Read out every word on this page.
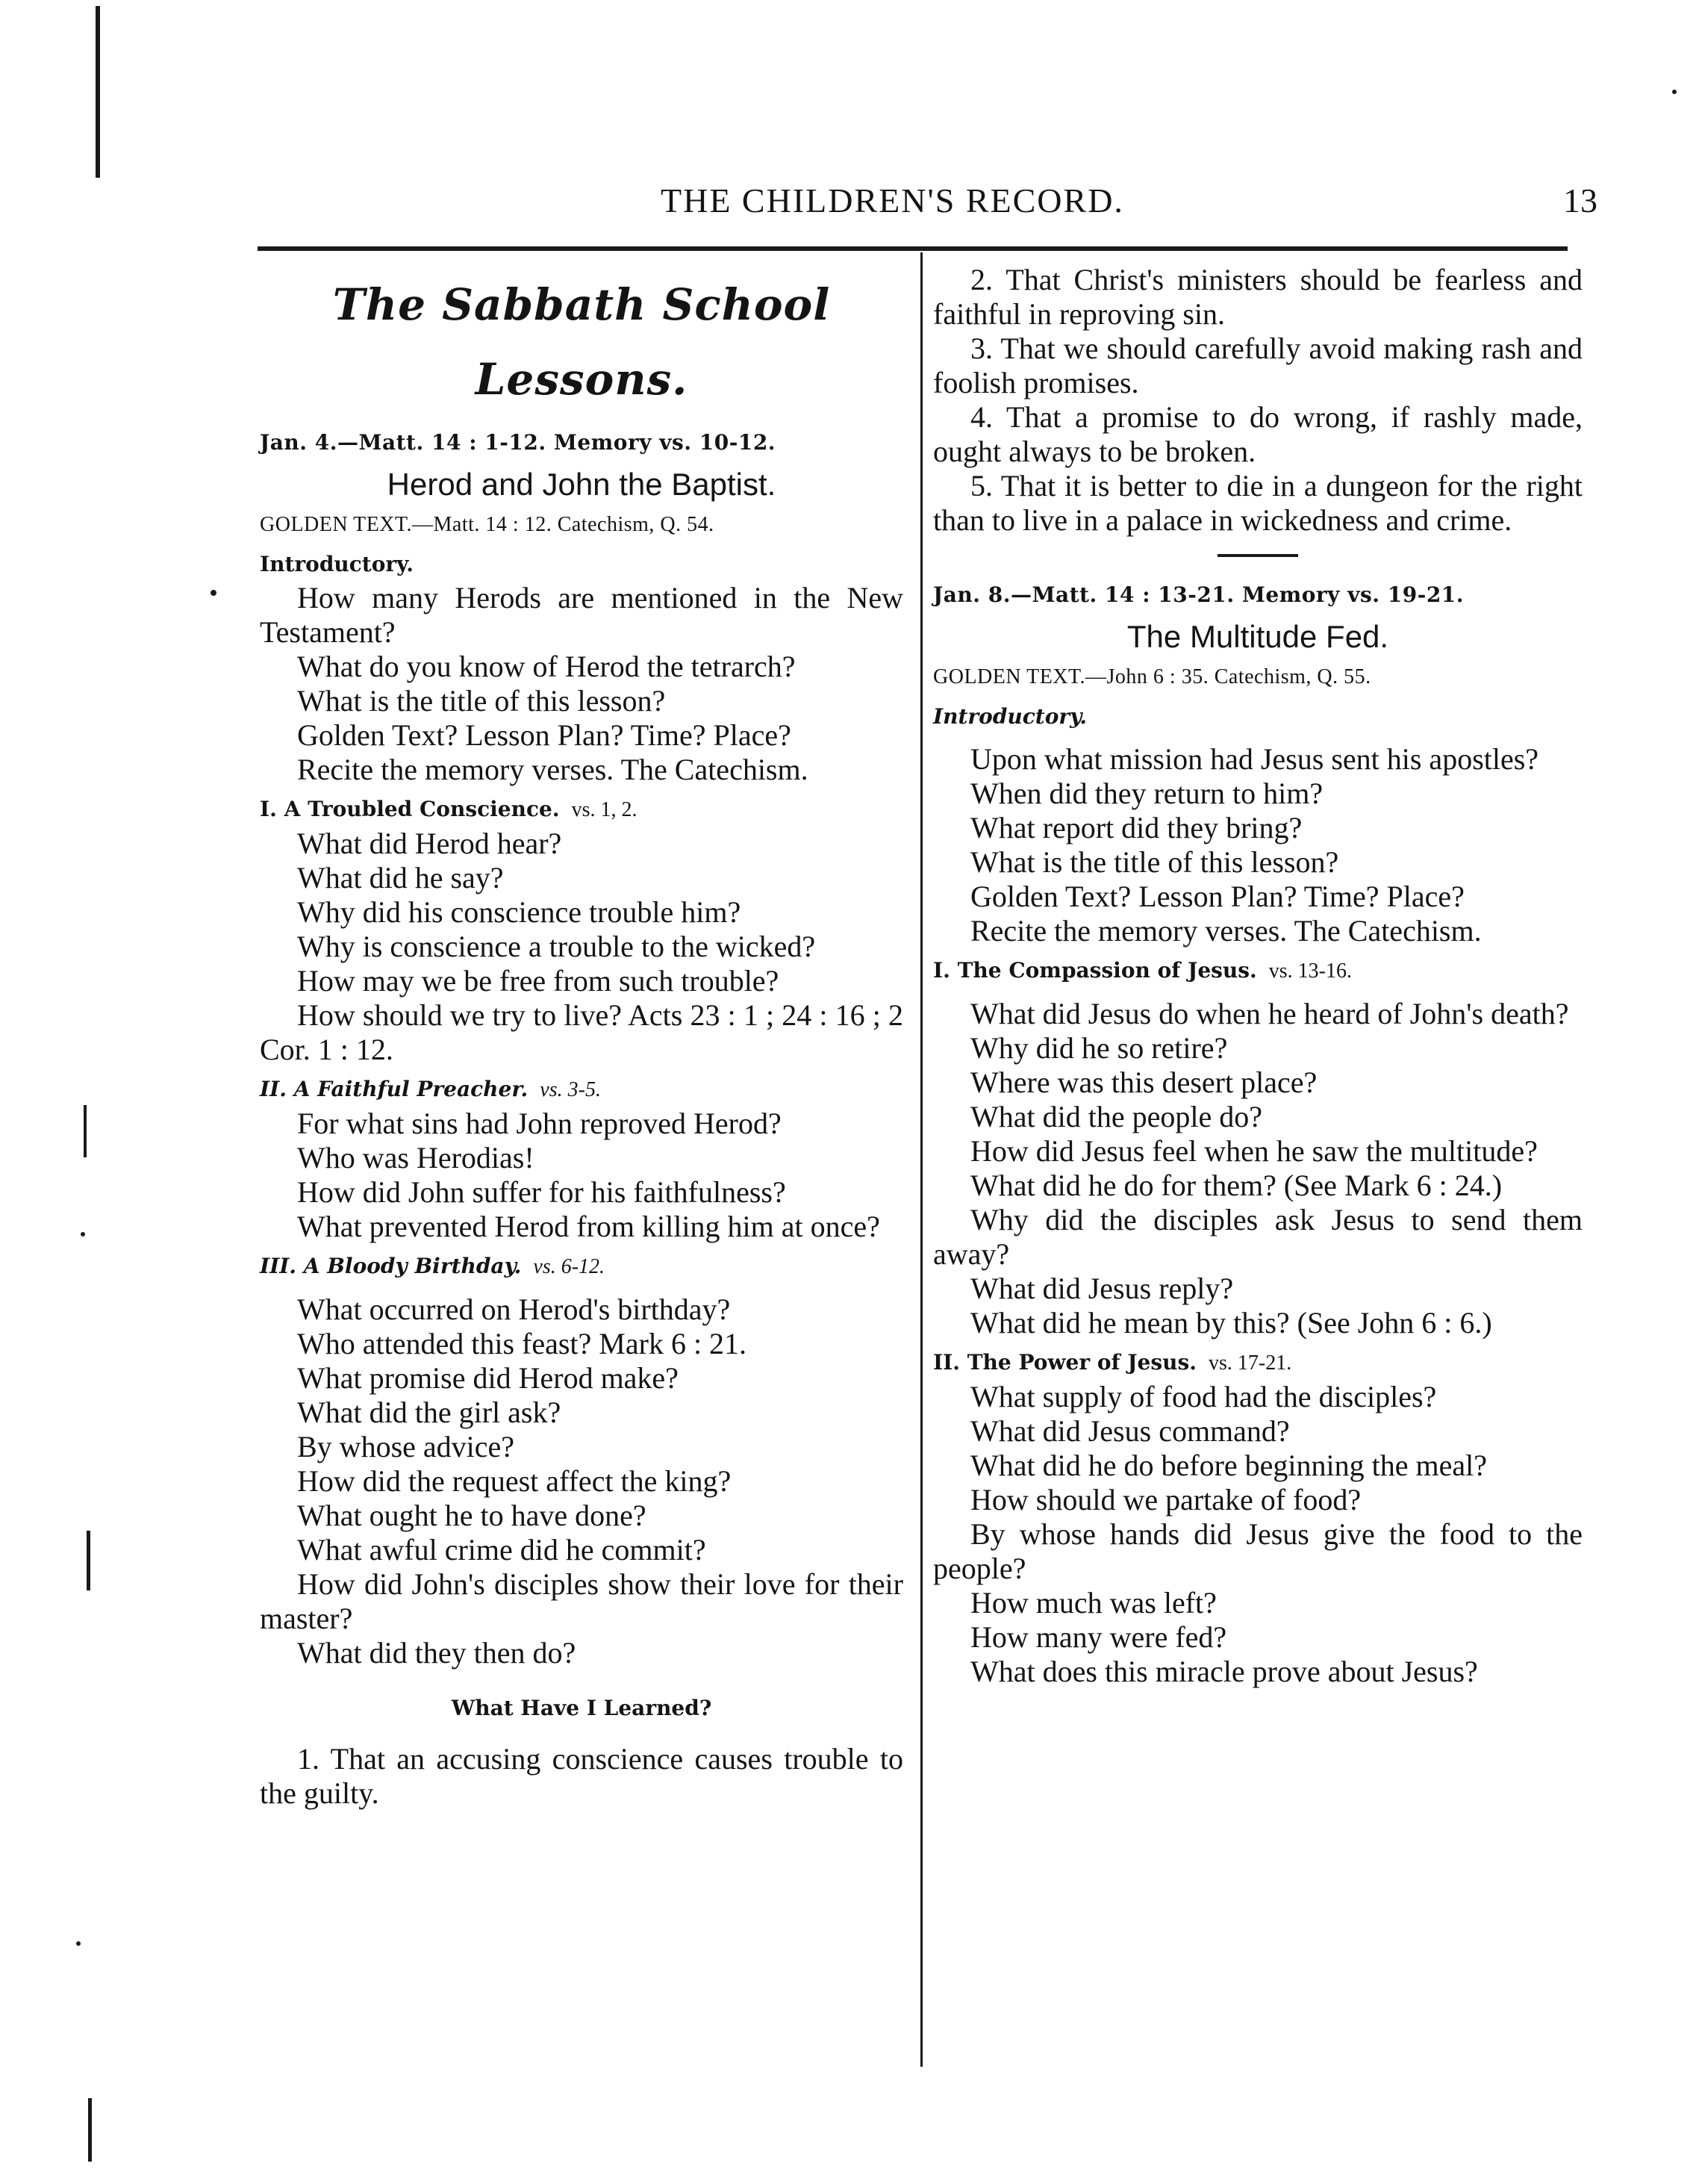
THE CHILDREN'S RECORD.	13
The Sabbath School Lessons.
Jan. 4.—Matt. 14 : 1-12. Memory vs. 10-12.
Herod and John the Baptist.
GOLDEN TEXT.—Matt. 14 : 12. Catechism, Q. 54.
Introductory.

How many Herods are mentioned in the New Testament?

What do you know of Herod the tetrarch?

What is the title of this lesson?

Golden Text? Lesson Plan? Time? Place?

Recite the memory verses. The Catechism.

I. A Troubled Conscience. vs. 1, 2.

What did Herod hear?

What did he say?

Why did his conscience trouble him?

Why is conscience a trouble to the wicked?

How may we be free from such trouble?

How should we try to live? Acts 23 : 1 ; 24 : 16 ; 2 Cor. 1 : 12.

II. A Faithful Preacher. vs. 3-5.

For what sins had John reproved Herod?

Who was Herodias!

How did John suffer for his faithfulness?

What prevented Herod from killing him at once?

III. A Bloody Birthday. vs. 6-12.

What occurred on Herod's birthday?

Who attended this feast? Mark 6 : 21.

What promise did Herod make?

What did the girl ask?

By whose advice?

How did the request affect the king?

What ought he to have done?

What awful crime did he commit?

How did John's disciples show their love for their master?

What did they then do?

What Have I Learned?

1. That an accusing conscience causes trouble to the guilty.

2. That Christ's ministers should be fearless and faithful in reproving sin.

3. That we should carefully avoid making rash and foolish promises.

4. That a promise to do wrong, if rashly made, ought always to be broken.

5. That it is better to die in a dungeon for the right than to live in a palace in wickedness and crime.

Jan. 8.—Matt. 14 : 13-21. Memory vs. 19-21.
The Multitude Fed.
GOLDEN TEXT.—John 6 : 35. Catechism, Q. 55.
Introductory.

Upon what mission had Jesus sent his apostles?

When did they return to him?

What report did they bring?

What is the title of this lesson?

Golden Text? Lesson Plan? Time? Place?

Recite the memory verses. The Catechism.

I. The Compassion of Jesus. vs. 13-16.

What did Jesus do when he heard of John's death?

Why did he so retire?

Where was this desert place?

What did the people do?

How did Jesus feel when he saw the multitude?

What did he do for them? (See Mark 6 : 24.)

Why did the disciples ask Jesus to send them away?

What did Jesus reply?

What did he mean by this? (See John 6 : 6.)

II. The Power of Jesus. vs. 17-21.

What supply of food had the disciples?

What did Jesus command?

What did he do before beginning the meal?

How should we partake of food?

By whose hands did Jesus give the food to the people?

How much was left?

How many were fed?

What does this miracle prove about Jesus?
